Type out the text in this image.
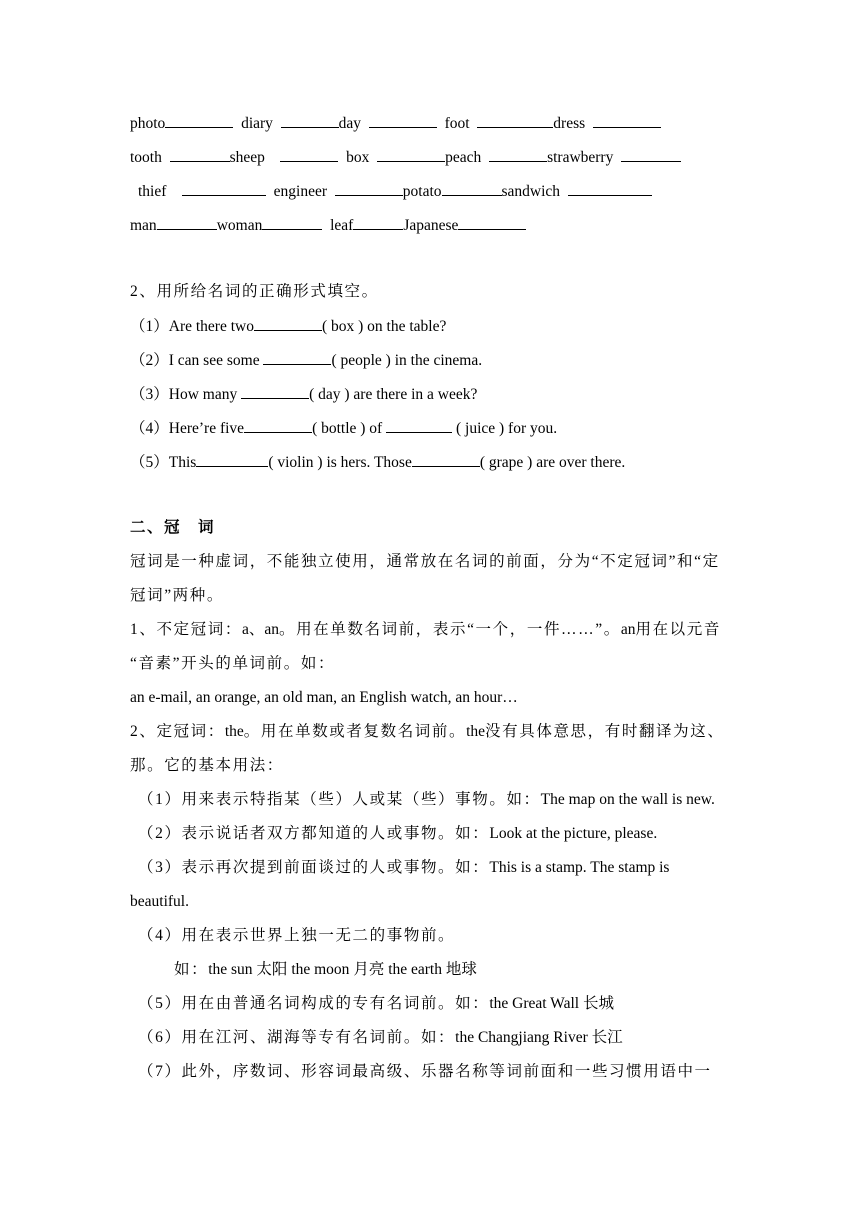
photo	diary	day	foot	dress
tooth	sheep	box	peach	strawberry
thief	engineer	potato	sandwich
man	woman	leaf	Japanese
2、用所给名词的正确形式填空。
（1）Are there two	( box ) on the table?
（2）I can see some	( people ) in the cinema.
（3）How many	( day ) are there in a week?
（4）Here’re five	( bottle ) of	( juice ) for you.
（5）This	( violin ) is hers. Those	( grape ) are over there.
二、冠　词
冠词是一种虚词，不能独立使用，通常放在名词的前面，分为“不定冠词”和“定
冠词”两种。
1、不定冠词：a、an。用在单数名词前，表示“一个，一件……”。an用在以元音
“音素”开头的单词前。如：
an e-mail, an orange, an old man, an English watch, an hour…
2、定冠词：the。用在单数或者复数名词前。the没有具体意思，有时翻译为这、
那。它的基本用法：
（1）用来表示特指某（些）人或某（些）事物。如：The map on the wall is new.
（2）表示说话者双方都知道的人或事物。如：Look at the picture, please.
（3）表示再次提到前面谈过的人或事物。如：This is a stamp. The stamp is
beautiful.
（4）用在表示世界上独一无二的事物前。
如：the sun 太阳 the moon 月亮 the earth 地球
（5）用在由普通名词构成的专有名词前。如：the Great Wall 长城
（6）用在江河、湖海等专有名词前。如：the Changjiang River 长江
（7）此外，序数词、形容词最高级、乐器名称等词前面和一些习惯用语中一
